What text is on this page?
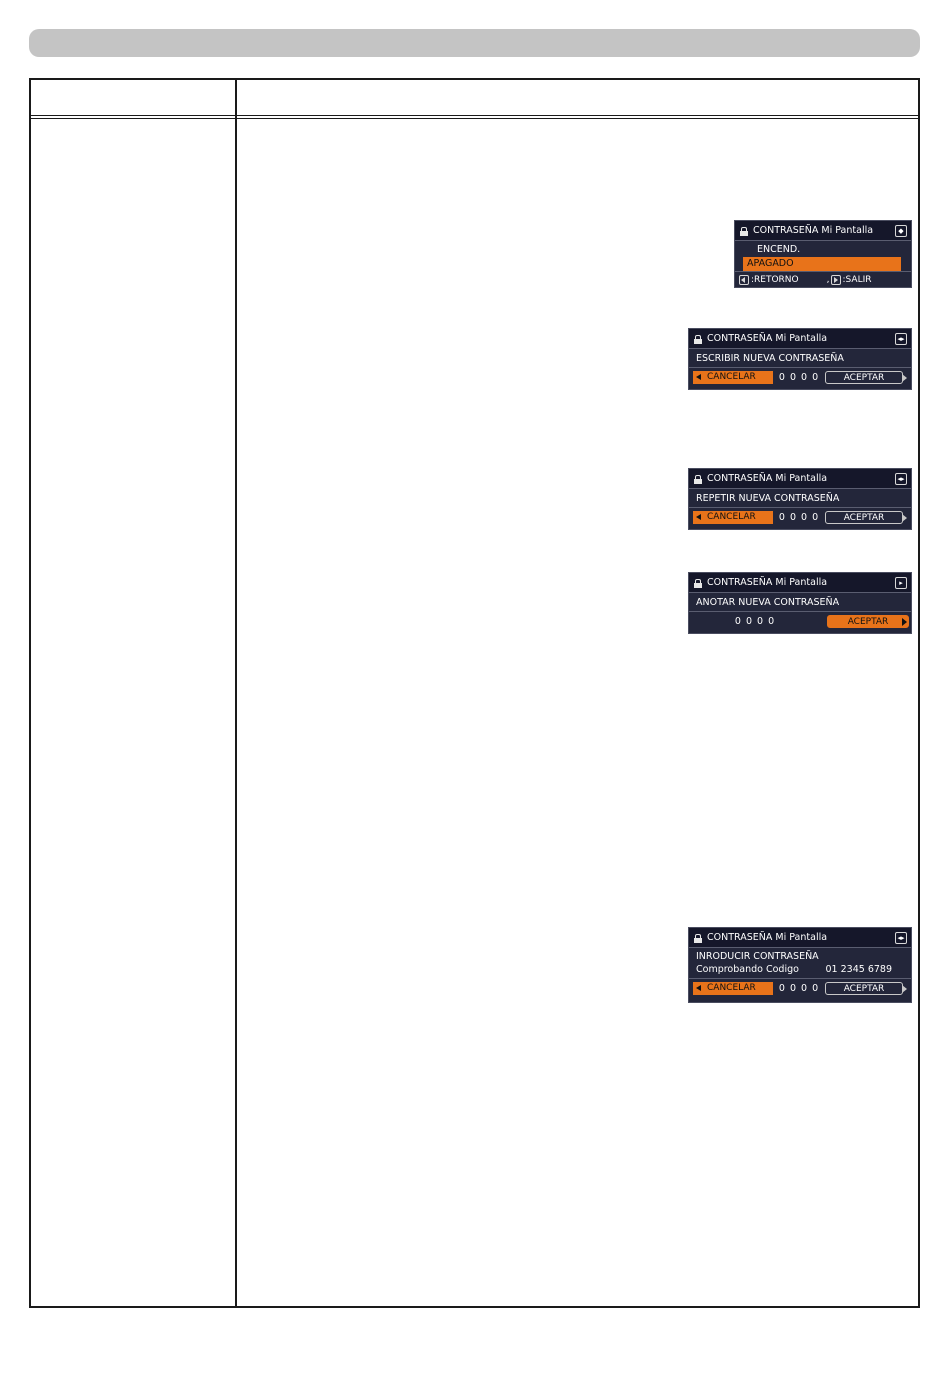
CONTRASEÑA Mi Pantalla	◆
ENCEND.
APAGADO
:RETORNO	, :SALIR
CONTRASEÑA Mi Pantalla	◂▸
ESCRIBIR NUEVA CONTRASEÑA
CANCELAR	0 0 0 0	ACEPTAR
CONTRASEÑA Mi Pantalla	◂▸
REPETIR NUEVA CONTRASEÑA
CANCELAR	0 0 0 0	ACEPTAR
CONTRASEÑA Mi Pantalla	▸
ANOTAR NUEVA CONTRASEÑA
0 0 0 0	ACEPTAR
CONTRASEÑA Mi Pantalla	◂▸
INRODUCIR CONTRASEÑA
Comprobando Codigo	01 2345 6789
CANCELAR	0 0 0 0	ACEPTAR
